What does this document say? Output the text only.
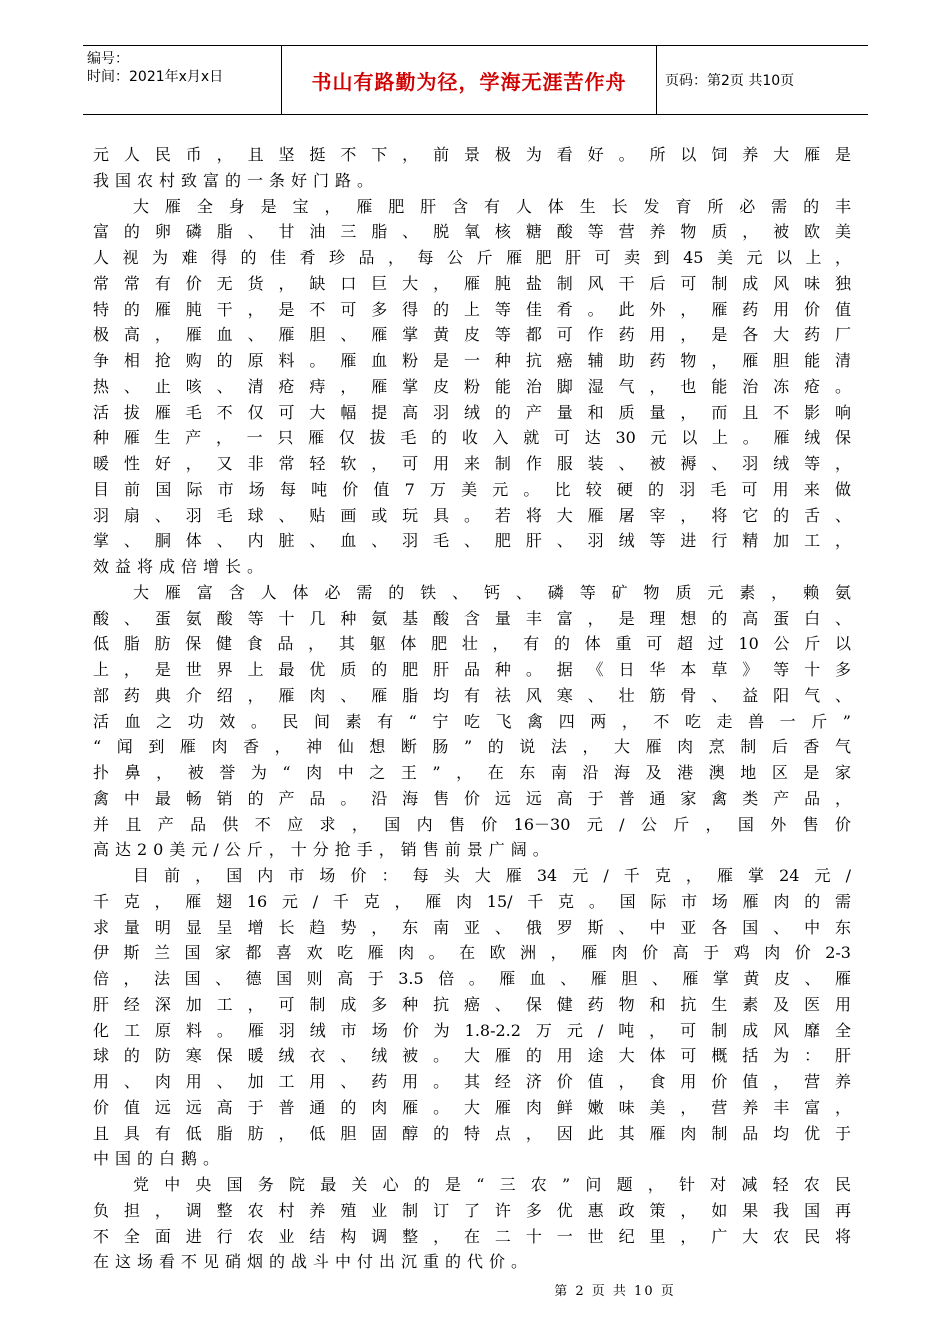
编号：
时间：2021年x月x日	书山有路勤为径，学海无涯苦作舟	页码：第2页 共10页
元人民币，且坚挺不下，前景极为看好。所以饲养大雁是
我国农村致富的一条好门路。
大雁全身是宝，雁肥肝含有人体生长发育所必需的丰
富的卵磷脂、甘油三脂、脱氧核糖酸等营养物质，被欧美
人视为难得的佳肴珍品，每公斤雁肥肝可卖到45美元以上，
常常有价无货，缺口巨大，雁肫盐制风干后可制成风味独
特的雁肫干，是不可多得的上等佳肴。此外，雁药用价值
极高，雁血、雁胆、雁掌黄皮等都可作药用，是各大药厂
争相抢购的原料。雁血粉是一种抗癌辅助药物，雁胆能清
热、止咳、清疮痔，雁掌皮粉能治脚湿气，也能治冻疮。
活拔雁毛不仅可大幅提高羽绒的产量和质量，而且不影响
种雁生产，一只雁仅拔毛的收入就可达30元以上。雁绒保
暖性好，又非常轻软，可用来制作服装、被褥、羽绒等，
目前国际市场每吨价值7万美元。比较硬的羽毛可用来做
羽扇、羽毛球、贴画或玩具。若将大雁屠宰，将它的舌、
掌、胴体、内脏、血、羽毛、肥肝、羽绒等进行精加工，
效益将成倍增长。
大雁富含人体必需的铁、钙、磷等矿物质元素，赖氨
酸、蛋氨酸等十几种氨基酸含量丰富，是理想的高蛋白、
低脂肪保健食品，其躯体肥壮，有的体重可超过10公斤以
上，是世界上最优质的肥肝品种。据《日华本草》等十多
部药典介绍，雁肉、雁脂均有祛风寒、壮筋骨、益阳气、
活血之功效。民间素有“宁吃飞禽四两，不吃走兽一斤”
“闻到雁肉香，神仙想断肠”的说法，大雁肉烹制后香气
扑鼻，被誉为“肉中之王”，在东南沿海及港澳地区是家
禽中最畅销的产品。沿海售价远远高于普通家禽类产品，
并且产品供不应求，国内售价16－30元/公斤，国外售价
高达20美元/公斤，十分抢手，销售前景广阔。
目前，国内市场价：每头大雁34元/千克，雁掌24元/
千克，雁翅16元/千克，雁肉15/千克。国际市场雁肉的需
求量明显呈增长趋势，东南亚、俄罗斯、中亚各国、中东
伊斯兰国家都喜欢吃雁肉。在欧洲，雁肉价高于鸡肉价2-3
倍，法国、德国则高于3.5倍。雁血、雁胆、雁掌黄皮、雁
肝经深加工，可制成多种抗癌、保健药物和抗生素及医用
化工原料。雁羽绒市场价为1.8-2.2万元/吨，可制成风靡全
球的防寒保暖绒衣、绒被。大雁的用途大体可概括为：肝
用、肉用、加工用、药用。其经济价值，食用价值，营养
价值远远高于普通的肉雁。大雁肉鲜嫩味美，营养丰富，
且具有低脂肪，低胆固醇的特点，因此其雁肉制品均优于
中国的白鹅。
党中央国务院最关心的是“三农”问题，针对减轻农民
负担，调整农村养殖业制订了许多优惠政策，如果我国再
不全面进行农业结构调整，在二十一世纪里，广大农民将
在这场看不见硝烟的战斗中付出沉重的代价。
第 2 页 共 10 页
